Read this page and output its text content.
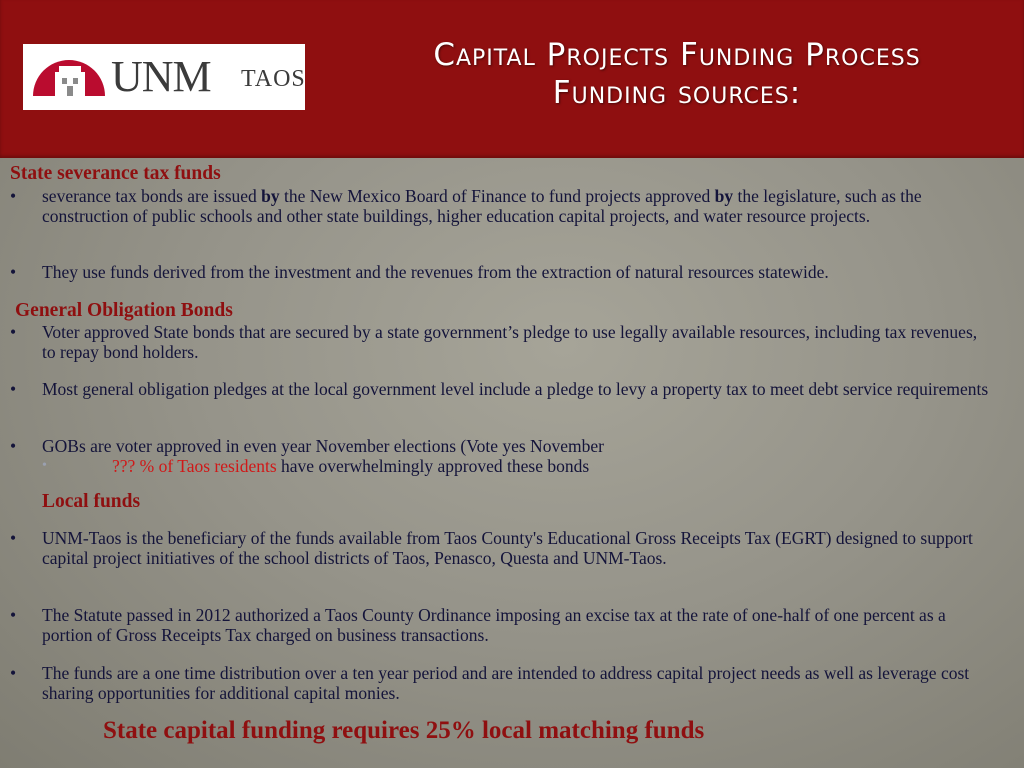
UNM TAOS
Capital Projects Funding Process
Funding sources:
State severance tax funds
•	severance tax bonds are issued by the New Mexico Board of Finance to fund projects approved by the legislature, such as the construction of public schools and other state buildings, higher education capital projects, and water resource projects.
•	They use funds derived from the investment and the revenues from the extraction of natural resources statewide.
General Obligation Bonds
•	Voter approved State bonds that are secured by a state government’s pledge to use legally available resources, including tax revenues, to repay bond holders.
•	Most general obligation pledges at the local government level include a pledge to levy a property tax to meet debt service requirements
•	GOBs are voter approved in even year November elections (Vote yes November
•	??? % of Taos residents have overwhelmingly approved these bonds
Local funds
•	UNM-Taos is the beneficiary of the funds available from Taos County's Educational Gross Receipts Tax (EGRT) designed to support capital project initiatives of the school districts of Taos, Penasco, Questa and UNM-Taos.
•	The Statute passed in 2012 authorized a Taos County Ordinance imposing an excise tax at the rate of one-half of one percent as a portion of Gross Receipts Tax charged on business transactions.
•	The funds are a one time distribution over a ten year period and are intended to address capital project needs as well as leverage cost sharing opportunities for additional capital monies.
State capital funding requires 25% local matching funds
